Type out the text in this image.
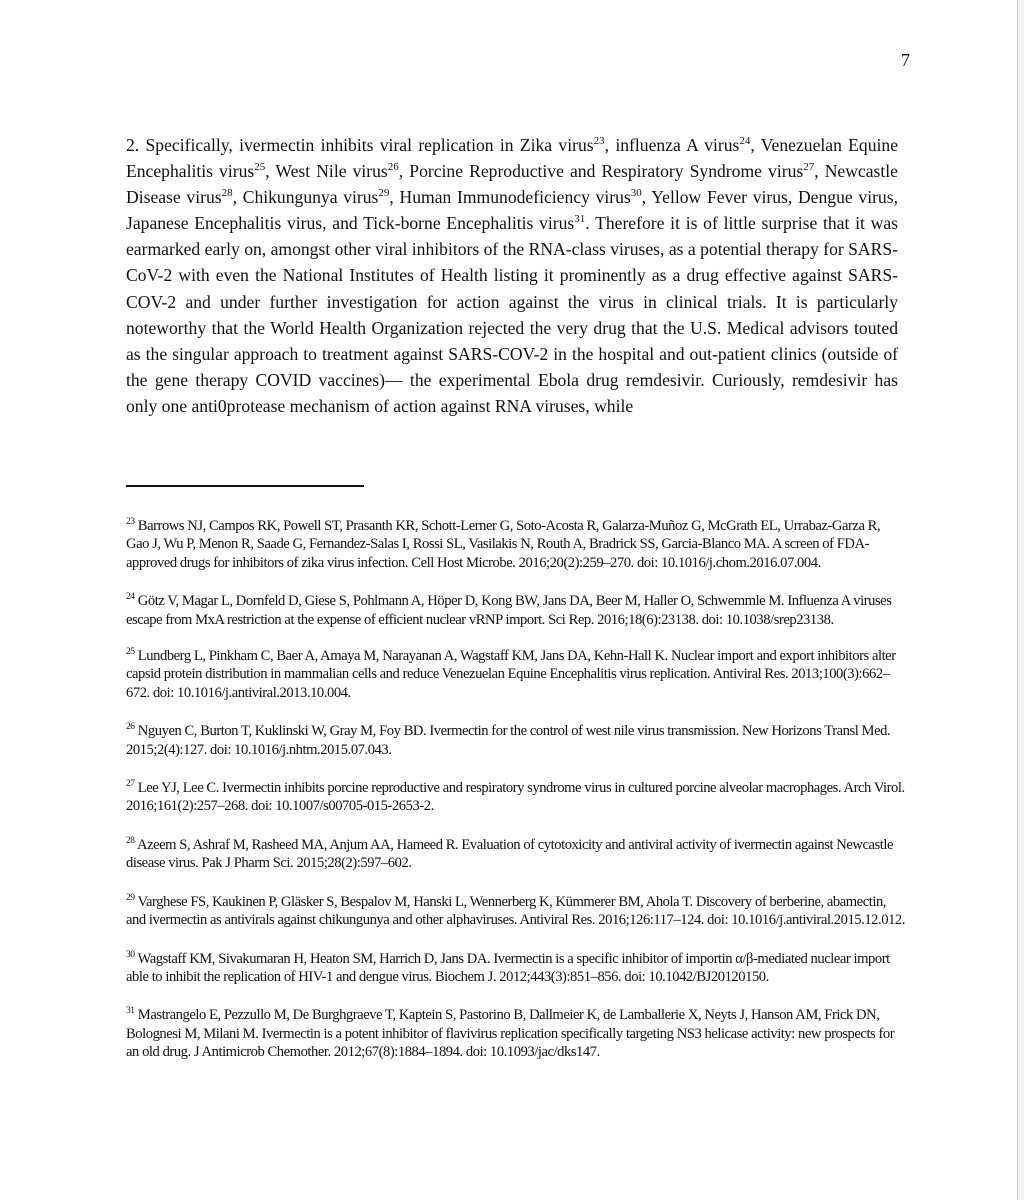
7

2. Specifically, ivermectin inhibits viral replication in Zika virus$^{23}$, influenza A virus$^{24}$, Venezuelan Equine Encephalitis virus$^{25}$, West Nile virus$^{26}$, Porcine Reproductive and Respiratory Syndrome virus$^{27}$, Newcastle Disease virus$^{28}$, Chikungunya virus$^{29}$, Human Immunodeficiency virus$^{30}$, Yellow Fever virus, Dengue virus, Japanese Encephalitis virus, and Tick-borne Encephalitis virus$^{31}$. Therefore it is of little surprise that it was earmarked early on, amongst other viral inhibitors of the RNA-class viruses, as a potential therapy for SARS-CoV-2 with even the National Institutes of Health listing it prominently as a drug effective against SARS-COV-2 and under further investigation for action against the virus in clinical trials. It is particularly noteworthy that the World Health Organization rejected the very drug that the U.S. Medical advisors touted as the singular approach to treatment against SARS-COV-2 in the hospital and out-patient clinics (outside of the gene therapy COVID vaccines)— the experimental Ebola drug remdesivir. Curiously, remdesivir has only one anti0protease mechanism of action against RNA viruses, while

$^{23}$ Barrows NJ, Campos RK, Powell ST, Prasanth KR, Schott-Lerner G, Soto-Acosta R, Galarza-Muñoz G, McGrath EL, Urrabaz-Garza R, Gao J, Wu P, Menon R, Saade G, Fernandez-Salas I, Rossi SL, Vasilakis N, Routh A, Bradrick SS, Garcia-Blanco MA. A screen of FDA-approved drugs for inhibitors of zika virus infection. Cell Host Microbe. 2016;20(2):259–270. doi: 10.1016/j.chom.2016.07.004.

$^{24}$ Götz V, Magar L, Dornfeld D, Giese S, Pohlmann A, Höper D, Kong BW, Jans DA, Beer M, Haller O, Schwemmle M. Influenza A viruses escape from MxA restriction at the expense of efficient nuclear vRNP import. Sci Rep. 2016;18(6):23138. doi: 10.1038/srep23138.

$^{25}$ Lundberg L, Pinkham C, Baer A, Amaya M, Narayanan A, Wagstaff KM, Jans DA, Kehn-Hall K. Nuclear import and export inhibitors alter capsid protein distribution in mammalian cells and reduce Venezuelan Equine Encephalitis virus replication. Antiviral Res. 2013;100(3):662–672. doi: 10.1016/j.antiviral.2013.10.004.

$^{26}$ Nguyen C, Burton T, Kuklinski W, Gray M, Foy BD. Ivermectin for the control of west nile virus transmission. New Horizons Transl Med. 2015;2(4):127. doi: 10.1016/j.nhtm.2015.07.043.

$^{27}$ Lee YJ, Lee C. Ivermectin inhibits porcine reproductive and respiratory syndrome virus in cultured porcine alveolar macrophages. Arch Virol. 2016;161(2):257–268. doi: 10.1007/s00705-015-2653-2.

$^{28}$ Azeem S, Ashraf M, Rasheed MA, Anjum AA, Hameed R. Evaluation of cytotoxicity and antiviral activity of ivermectin against Newcastle disease virus. Pak J Pharm Sci. 2015;28(2):597–602.

$^{29}$ Varghese FS, Kaukinen P, Gläsker S, Bespalov M, Hanski L, Wennerberg K, Kümmerer BM, Ahola T. Discovery of berberine, abamectin, and ivermectin as antivirals against chikungunya and other alphaviruses. Antiviral Res. 2016;126:117–124. doi: 10.1016/j.antiviral.2015.12.012.

$^{30}$ Wagstaff KM, Sivakumaran H, Heaton SM, Harrich D, Jans DA. Ivermectin is a specific inhibitor of importin α/β-mediated nuclear import able to inhibit the replication of HIV-1 and dengue virus. Biochem J. 2012;443(3):851–856. doi: 10.1042/BJ20120150.

$^{31}$ Mastrangelo E, Pezzullo M, De Burghgraeve T, Kaptein S, Pastorino B, Dallmeier K, de Lamballerie X, Neyts J, Hanson AM, Frick DN, Bolognesi M, Milani M. Ivermectin is a potent inhibitor of flavivirus replication specifically targeting NS3 helicase activity: new prospects for an old drug. J Antimicrob Chemother. 2012;67(8):1884–1894. doi: 10.1093/jac/dks147.
